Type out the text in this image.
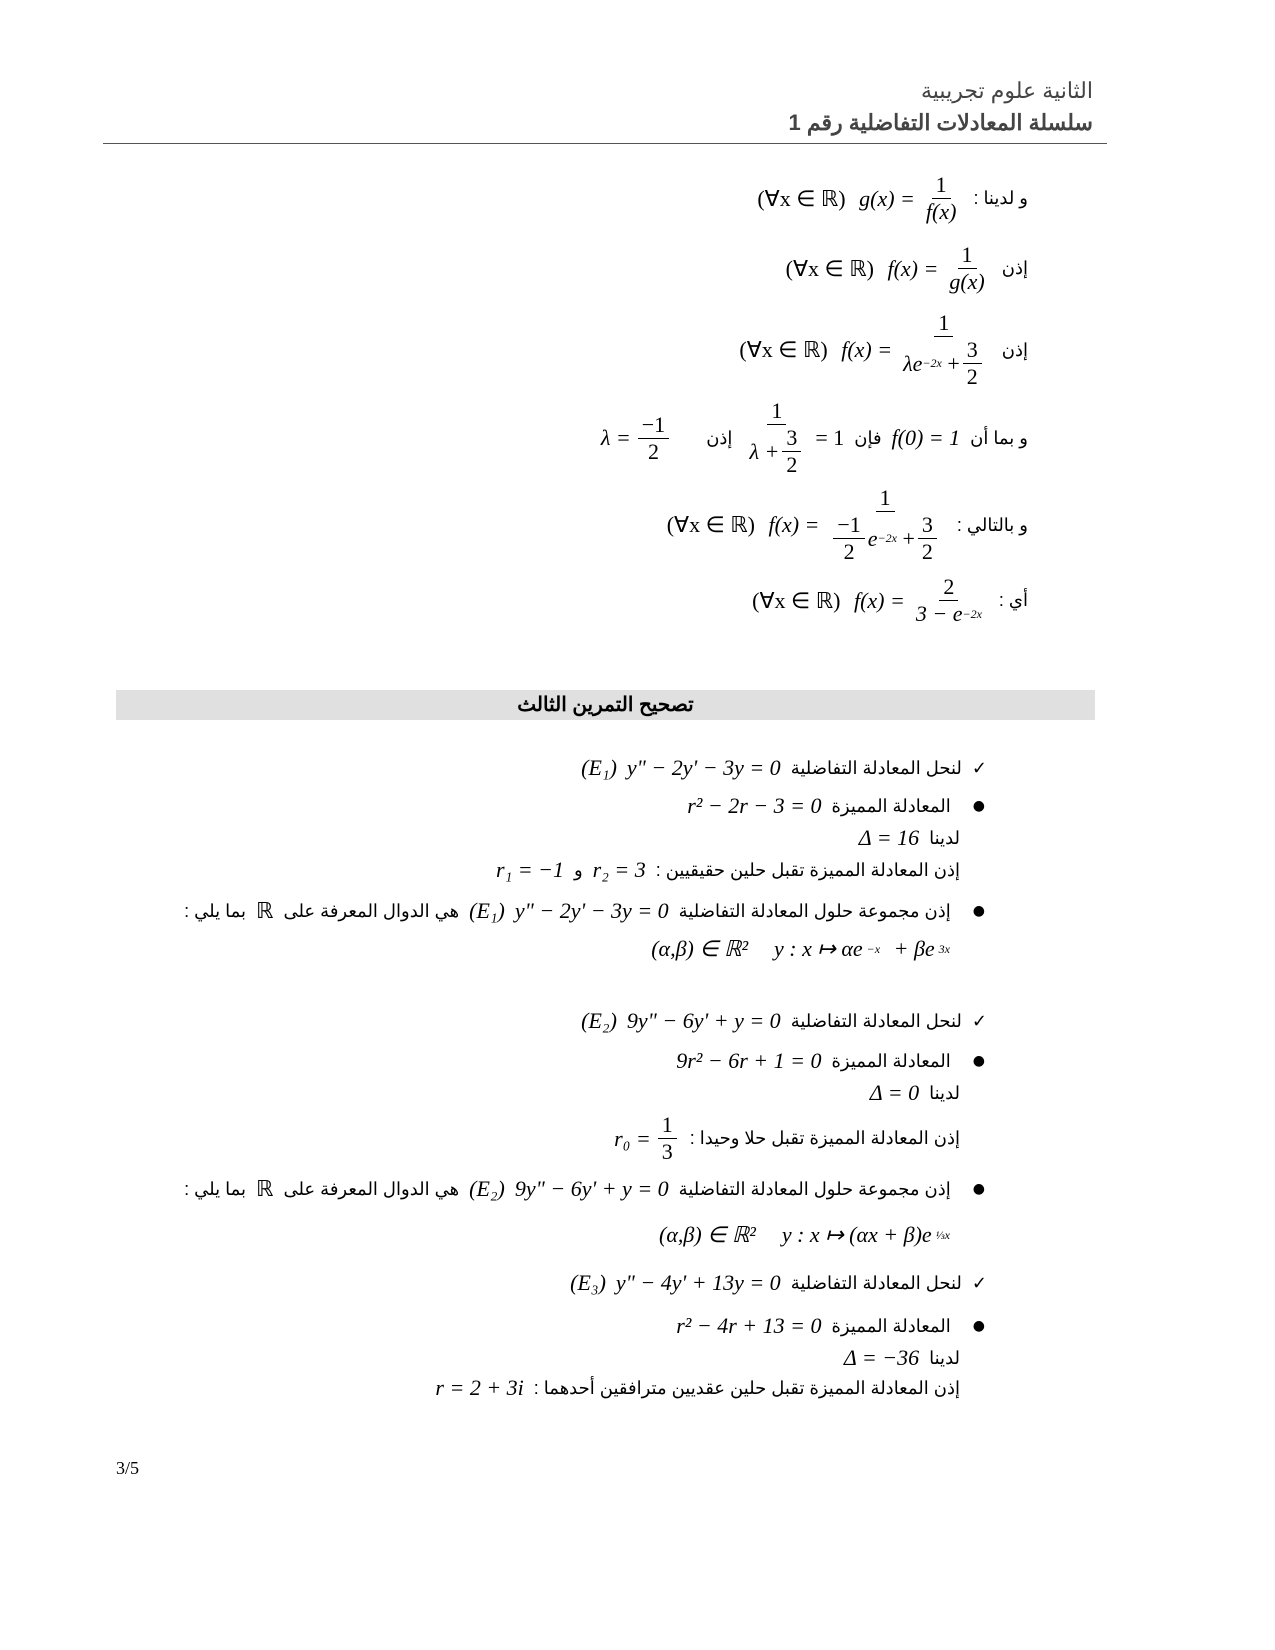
الثانية علوم تجريبية
سلسلة المعادلات التفاضلية رقم 1
و لدينا :
(∀x ∈ ℝ)
$g(x) = \frac{1}{f(x)}$
إذن
(∀x ∈ ℝ)
$f(x) = \frac{1}{g(x)}$
إذن
(∀x ∈ ℝ)
f(x) = 1
λe −2x
+ $\frac{3}{2}$
و بما أن
f(0) = 1
فإن
$\frac{1}{\lambda + \frac{3}{2}} = 1$
إذن
$\lambda = \frac{-1}{2}$
و بالتالي :
(∀x ∈ ℝ)
f(x) = 1
$\frac{-1}{2}$ e −2x
+ $\frac{3}{2}$
أي :
(∀x ∈ ℝ)
$f(x) = \frac{2}{3 - e -2x}$
تصحيح التمرين الثالث
✓
لنحل المعادلة التفاضلية
y" − 2y' − 3y = 0
(E₁)
●
المعادلة المميزة
r² − 2r − 3 = 0
لدينا
Δ = 16
إذن المعادلة المميزة تقبل حلين حقيقيين :
r₂ = 3
و
r₁ = −1
●
إذن مجموعة حلول المعادلة التفاضلية
y" − 2y' − 3y = 0
(E₁)
هي الدوال المعرفة على
ℝ
بما يلي :
y : x ↦ αe −x
+ βe 3x
(α,β) ∈ ℝ²
✓
لنحل المعادلة التفاضلية
9y" − 6y' + y = 0
(E₂)
●
المعادلة المميزة
9r² − 6r + 1 = 0
لدينا
Δ = 0
إذن المعادلة المميزة تقبل حلا وحيدا :
$r_0 = \frac{1}{3}$
●
إذن مجموعة حلول المعادلة التفاضلية
9y" − 6y' + y = 0
(E₂)
هي الدوال المعرفة على
ℝ
بما يلي :
y : x ↦ (αx + β)e ⅓x
(α,β) ∈ ℝ²
✓
لنحل المعادلة التفاضلية
y" − 4y' + 13y = 0
(E₃)
●
المعادلة المميزة
r² − 4r + 13 = 0
لدينا
Δ = −36
إذن المعادلة المميزة تقبل حلين عقديين مترافقين أحدهما :
r = 2 + 3i
3/5
